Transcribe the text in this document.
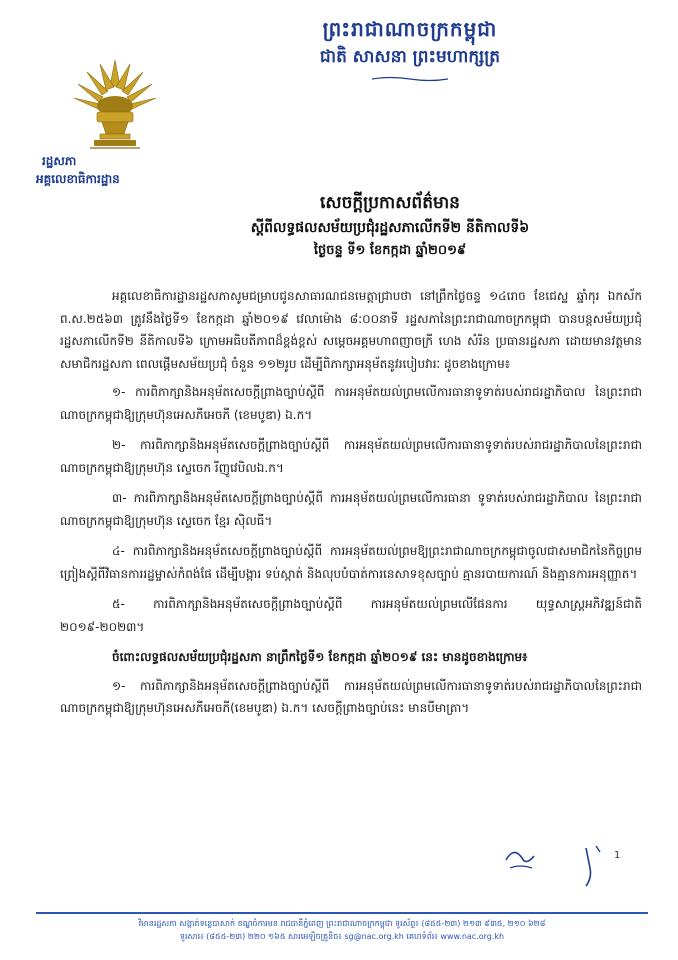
ព្រះរាជាណាចក្រកម្ពុជា
ជាតិ សាសនា ព្រះមហាក្សត្រ
រដ្ឋសភា
អគ្គលេខាធិការដ្ឋាន
សេចក្ដីប្រកាសព័ត៌មាន
ស្ដីពីលទ្ធផលសម័យប្រជុំរដ្ឋសភាលើកទី២ នីតិកាលទី៦
ថ្ងៃចន្ទ ទី១ ខែកក្កដា ឆ្នាំ២០១៩

អគ្គលេខាធិការដ្ឋានរដ្ឋសភាសូមជម្រាបជូនសាធារណជនមេត្តាជ្រាបថា នៅព្រឹកថ្ងៃចន្ទ ១៤រោច ខែជេស្ឋ ឆ្នាំកុរ ឯកស័ក ព.ស.២៥៦៣ ត្រូវនឹងថ្ងៃទី១ ខែកក្កដា ឆ្នាំ២០១៩ វេលាម៉ោង ៨:០០នាទី រដ្ឋសភានៃព្រះរាជាណាចក្រកម្ពុជា បានបន្តសម័យប្រជុំរដ្ឋសភាលើកទី២ នីតិកាលទី៦ ក្រោមអធិបតីភាពដ៏ខ្ពង់ខ្ពស់ សម្ដេចអគ្គមហាពញាចក្រី ហេង សំរិន ប្រធានរដ្ឋសភា ដោយមានវត្តមានសមាជិករដ្ឋសភា ពេលផ្ដើមសម័យប្រជុំ ចំនួន ១១២រូប ដើម្បីពិភាក្សាអនុម័តនូវរបៀបវារៈ ដូចខាងក្រោម៖

១- ការពិភាក្សានិងអនុម័តសេចក្ដីព្រាងច្បាប់ស្ដីពី ការអនុម័តយល់ព្រមលើការធានាទូទាត់របស់រាជរដ្ឋាភិបាល នៃព្រះរាជាណាចក្រកម្ពុជាឱ្យក្រុមហ៊ុនអេសភីអេចភី (ខេមបូឌា) ឯ.ក។

២- ការពិភាក្សានិងអនុម័តសេចក្ដីព្រាងច្បាប់ស្ដីពី ការអនុម័តយល់ព្រមលើការធានាទូទាត់របស់រាជរដ្ឋាភិបាលនៃព្រះរាជាណាចក្រកម្ពុជាឱ្យក្រុមហ៊ុន ស្ទេចេក រីញូវេបិលឯ.ក។

៣- ការពិភាក្សានិងអនុម័តសេចក្ដីព្រាងច្បាប់ស្ដីពី ការអនុម័តយល់ព្រមលើការធានា ទូទាត់របស់រាជរដ្ឋាភិបាល នៃព្រះរាជាណាចក្រកម្ពុជាឱ្យក្រុមហ៊ុន ស្ទេចេក ខ្មែរ ស៊ិលធី។

៤- ការពិភាក្សានិងអនុម័តសេចក្ដីព្រាងច្បាប់ស្ដីពី ការអនុម័តយល់ព្រមឱ្យព្រះរាជាណាចក្រកម្ពុជាចូលជាសមាជិកនៃកិច្ចព្រមព្រៀងស្ដីពីវិធានការរដ្ឋម្ចាស់កំពង់ផែ ដើម្បីបង្ការ ទប់ស្កាត់ និងលុបបំបាត់ការនេសាទខុសច្បាប់ គ្មានរបាយការណ៍ និងគ្មានការអនុញ្ញាត។

៥- ការពិភាក្សានិងអនុម័តសេចក្ដីព្រាងច្បាប់ស្ដីពី ការអនុម័តយល់ព្រមលើផែនការ យុទ្ធសាស្ត្រអភិវឌ្ឍន៍ជាតិ ២០១៩-២០២៣។

ចំពោះលទ្ធផលសម័យប្រជុំរដ្ឋសភា នាព្រឹកថ្ងៃទី១ ខែកក្កដា ឆ្នាំ២០១៩ នេះ មានដូចខាងក្រោម៖

១- ការពិភាក្សានិងអនុម័តសេចក្ដីព្រាងច្បាប់ស្ដីពី ការអនុម័តយល់ព្រមលើការធានាទូទាត់របស់រាជរដ្ឋាភិបាលនៃព្រះរាជាណាចក្រកម្ពុជាឱ្យក្រុមហ៊ុនអេសភីអេចភី(ខេមបូឌា) ឯ.ក។ សេចក្ដីព្រាងច្បាប់នេះ មានបីមាត្រា។

1
វិមានរដ្ឋសភា សង្កាត់ទន្លេបាសាក់ ខណ្ឌចំការមន រាជធានីភ្នំពេញ ព្រះរាជាណាចក្រកម្ពុជា ទូរស័ព្ទ៖ (៨៥៥-២៣) ២១៣ ៩៣៥, ២១០ ៦២៨
ទូរសារ៖ (៨៥៥-២៣) ២២០ ១៦៥ សារអេឡិចត្រូនិច៖ sg@nac.org.kh គេហទំព័រ៖ www.nac.org.kh
